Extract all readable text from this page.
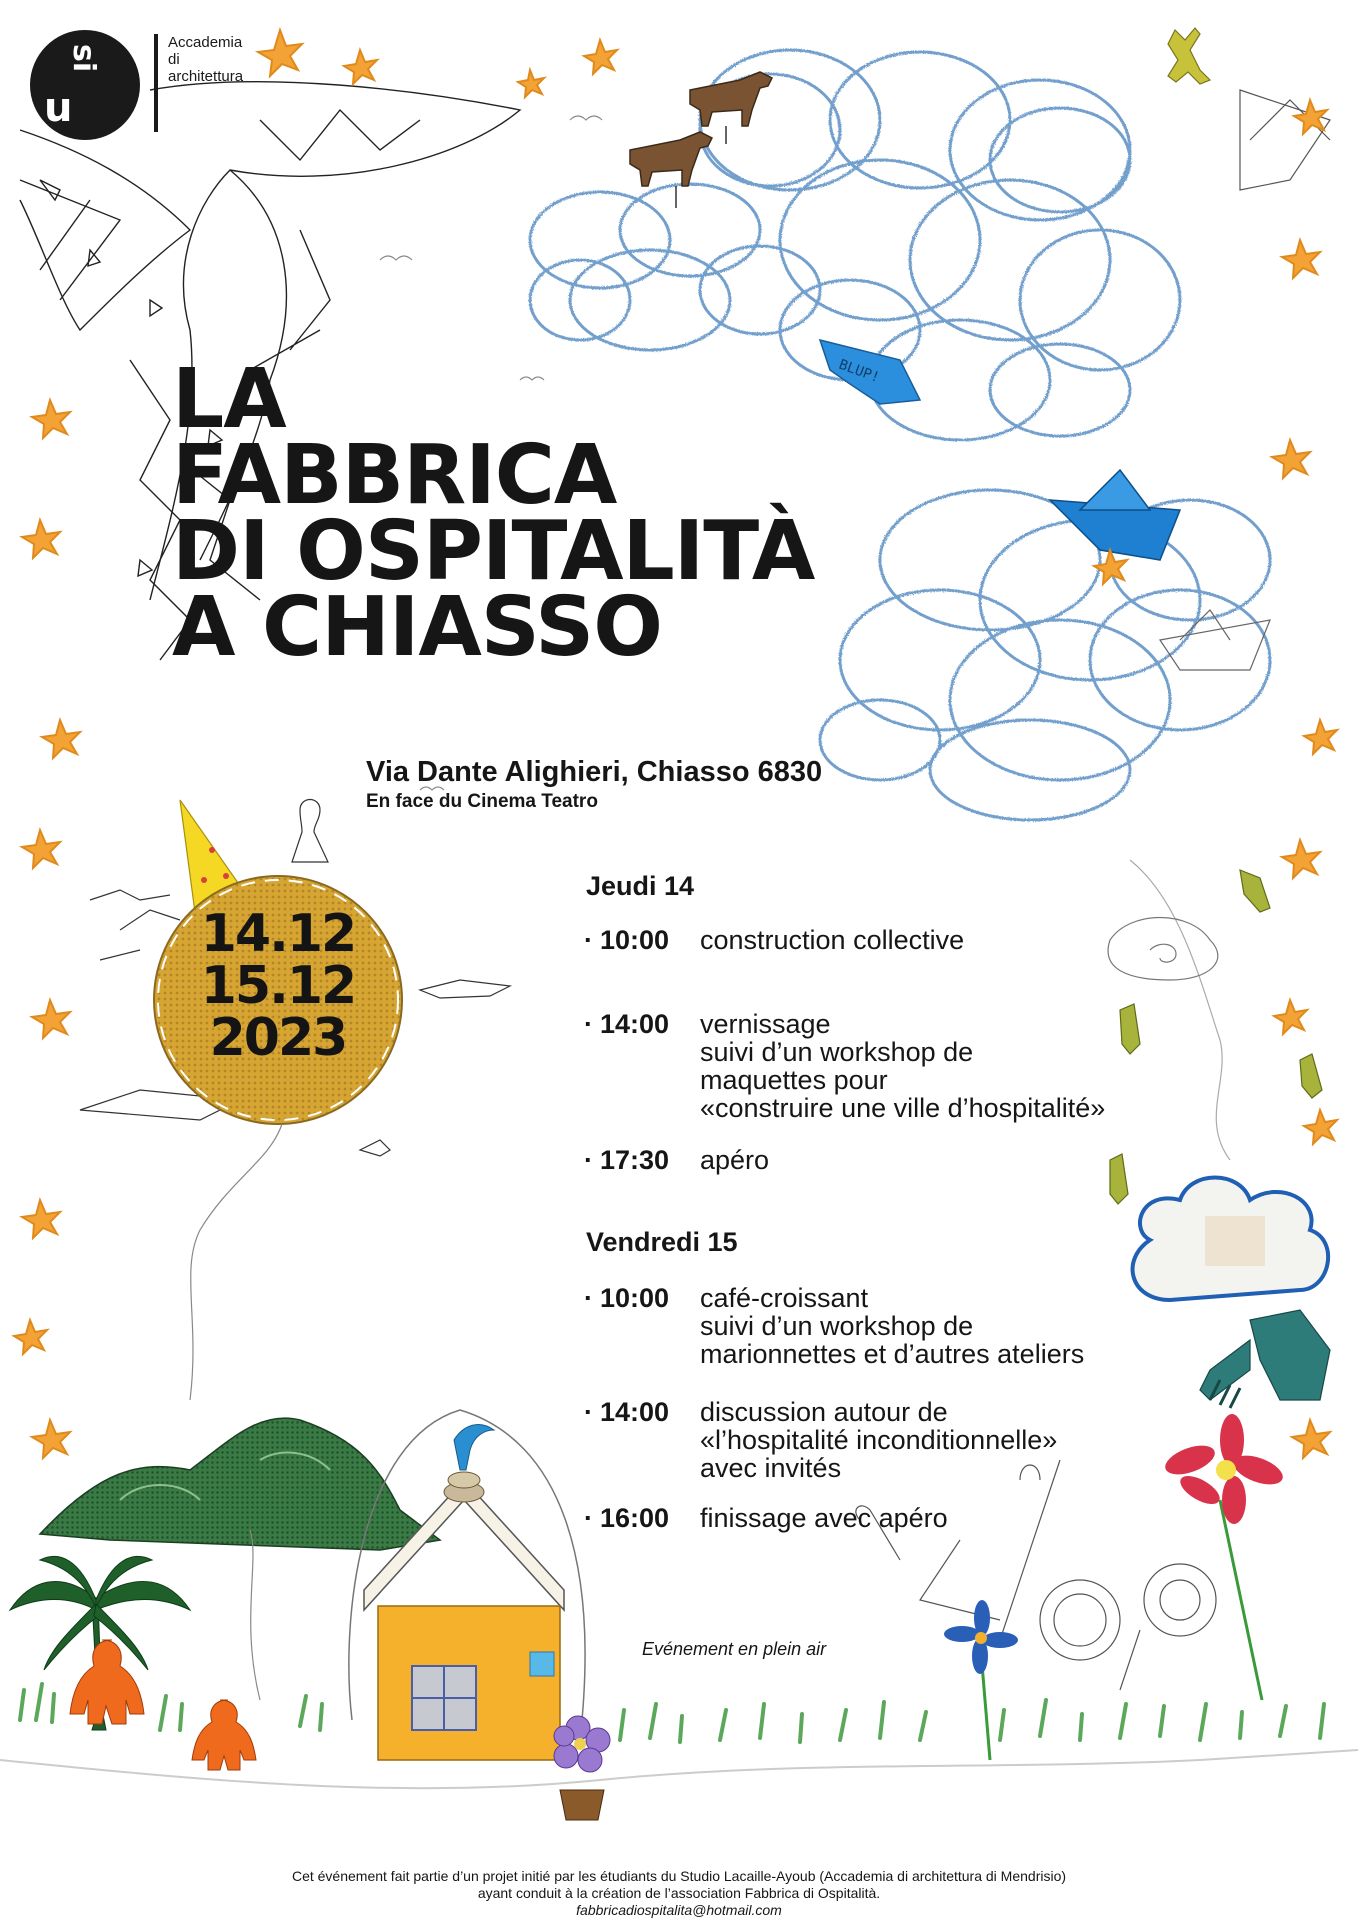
BLUP!
u
si
Accademia
di
architettura
LA
FABBRICA
DI OSPITALITÀ
A CHIASSO
Via Dante Alighieri, Chiasso 6830
En face du Cinema Teatro
14.12
15.12
2023
Jeudi 14
· 10:00 construction collective
· 14:00 vernissage
suivi d’un workshop de
maquettes pour
«construire une ville d’hospitalité»
· 17:30 apéro
Vendredi 15
· 10:00 café-croissant
suivi d’un workshop de
marionnettes et d’autres ateliers
· 14:00 discussion autour de
«l’hospitalité inconditionnelle»
avec invités
· 16:00 finissage avec apéro
Evénement en plein air
Cet événement fait partie d’un projet initié par les étudiants du Studio Lacaille-Ayoub (Accademia di architettura di Mendrisio)
ayant conduit à la création de l’association Fabbrica di Ospitalità.
fabbricadiospitalita@hotmail.com
